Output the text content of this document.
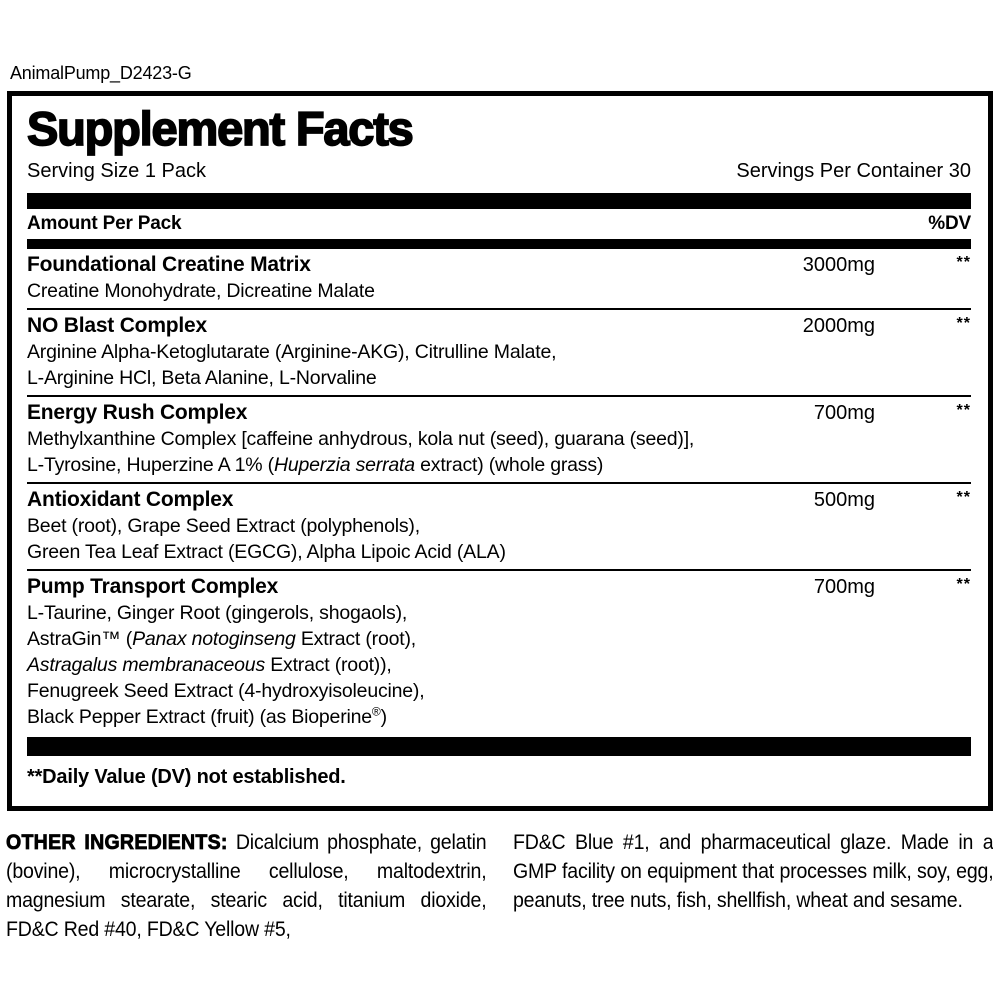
AnimalPump_D2423-G
Supplement Facts
Serving Size 1 Pack	Servings Per Container 30
Amount Per Pack	%DV
Foundational Creatine Matrix	3000mg	**
Creatine Monohydrate, Dicreatine Malate
NO Blast Complex	2000mg	**
Arginine Alpha-Ketoglutarate (Arginine-AKG), Citrulline Malate,
L-Arginine HCl, Beta Alanine, L-Norvaline
Energy Rush Complex	700mg	**
Methylxanthine Complex [caffeine anhydrous, kola nut (seed), guarana (seed)],
L-Tyrosine, Huperzine A 1% (Huperzia serrata extract) (whole grass)
Antioxidant Complex	500mg	**
Beet (root), Grape Seed Extract (polyphenols),
Green Tea Leaf Extract (EGCG), Alpha Lipoic Acid (ALA)
Pump Transport Complex	700mg	**
L-Taurine, Ginger Root (gingerols, shogaols),
AstraGin™ (Panax notoginseng Extract (root),
Astragalus membranaceous Extract (root)),
Fenugreek Seed Extract (4-hydroxyisoleucine),
Black Pepper Extract (fruit) (as Bioperine®)
**Daily Value (DV) not established.
OTHER INGREDIENTS: Dicalcium phosphate, gelatin (bovine), microcrystalline cellulose, maltodextrin, magnesium stearate, stearic acid, titanium dioxide, FD&C Red #40, FD&C Yellow #5,
FD&C Blue #1, and pharmaceutical glaze. Made in a GMP facility on equipment that processes milk, soy, egg, peanuts, tree nuts, fish, shellfish, wheat and sesame.
